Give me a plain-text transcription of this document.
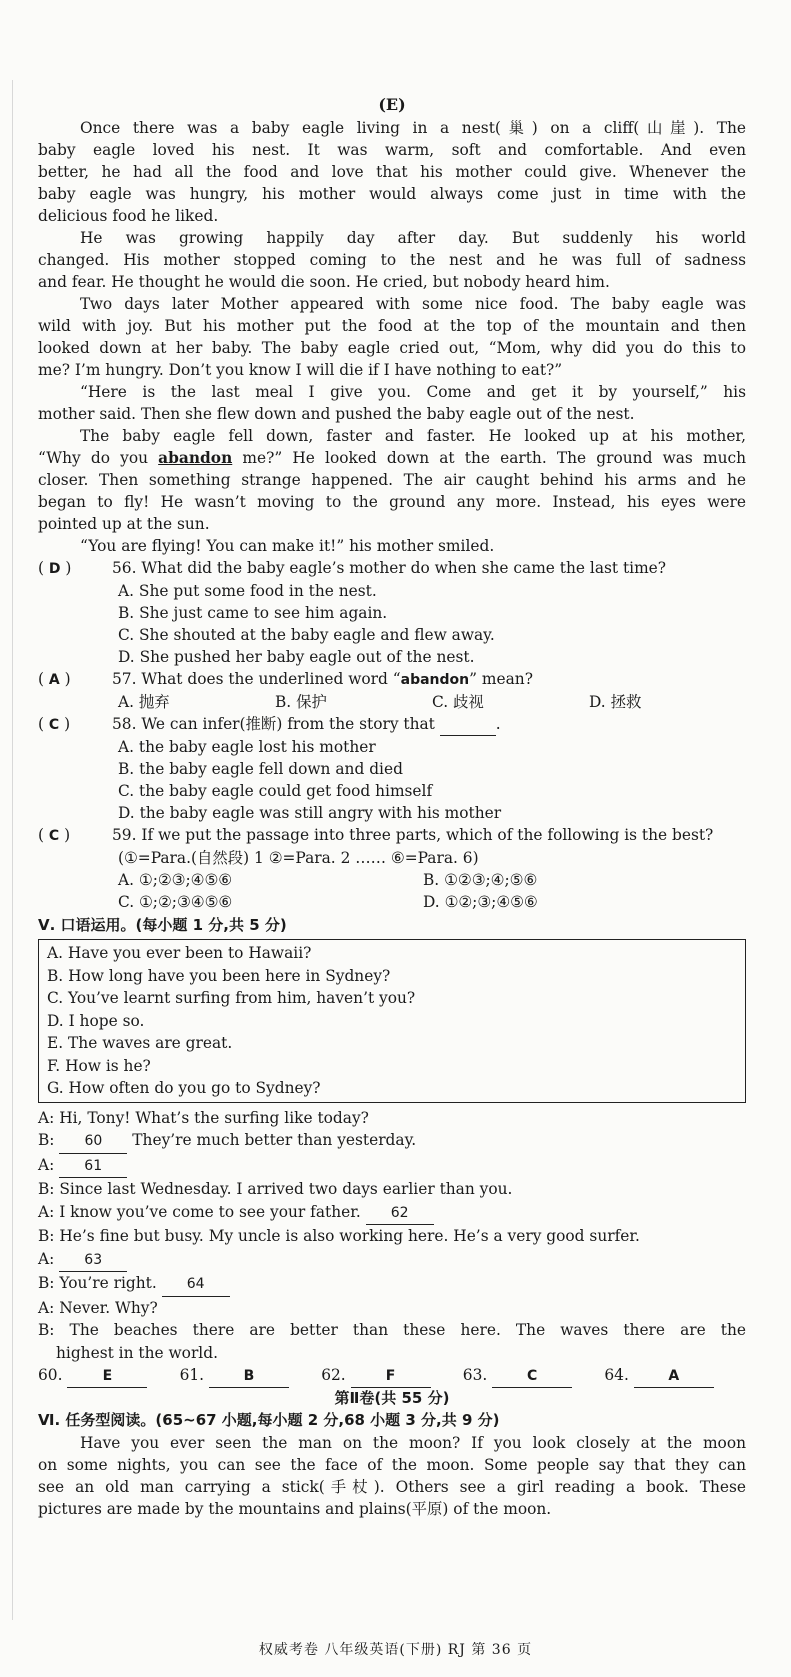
(E)
Once there was a baby eagle living in a nest(巢) on a cliff(山崖). The
baby eagle loved his nest. It was warm, soft and comfortable. And even
better, he had all the food and love that his mother could give. Whenever the
baby eagle was hungry, his mother would always come just in time with the
delicious food he liked.
He was growing happily day after day. But suddenly his world
changed. His mother stopped coming to the nest and he was full of sadness
and fear. He thought he would die soon. He cried, but nobody heard him.
Two days later Mother appeared with some nice food. The baby eagle was
wild with joy. But his mother put the food at the top of the mountain and then
looked down at her baby. The baby eagle cried out, “Mom, why did you do this to
me? I’m hungry. Don’t you know I will die if I have nothing to eat?”
“Here is the last meal I give you. Come and get it by yourself,” his
mother said. Then she flew down and pushed the baby eagle out of the nest.
The baby eagle fell down, faster and faster. He looked up at his mother,
“Why do you abandon me?” He looked down at the earth. The ground was much
closer. Then something strange happened. The air caught behind his arms and he
began to fly! He wasn’t moving to the ground any more. Instead, his eyes were
pointed up at the sun.
“You are flying! You can make it!” his mother smiled.
( D )	56. What did the baby eagle’s mother do when she came the last time?
A. She put some food in the nest.
B. She just came to see him again.
C. She shouted at the baby eagle and flew away.
D. She pushed her baby eagle out of the nest.
( A )	57. What does the underlined word “abandon” mean?
A. 抛弃	B. 保护	C. 歧视	D. 拯救
( C )	58. We can infer(推断) from the story that	.
A. the baby eagle lost his mother
B. the baby eagle fell down and died
C. the baby eagle could get food himself
D. the baby eagle was still angry with his mother
( C )	59. If we put the passage into three parts, which of the following is the best?
(①=Para.(自然段) 1 ②=Para. 2 …… ⑥=Para. 6)
A. ①;②③;④⑤⑥	B. ①②③;④;⑤⑥
C. ①;②;③④⑤⑥	D. ①②;③;④⑤⑥
Ⅴ. 口语运用。(每小题 1 分,共 5 分)
A. Have you ever been to Hawaii?
B. How long have you been here in Sydney?
C. You’ve learnt surfing from him, haven’t you?
D. I hope so.
E. The waves are great.
F. How is he?
G. How often do you go to Sydney?
A: Hi, Tony! What’s the surfing like today?
B: 60 They’re much better than yesterday.
A: 61
B: Since last Wednesday. I arrived two days earlier than you.
A: I know you’ve come to see your father. 62
B: He’s fine but busy. My uncle is also working here. He’s a very good surfer.
A: 63
B: You’re right. 64
A: Never. Why?
B: The beaches there are better than these here. The waves there are the
highest in the world.
60.	E	61.	B	62.	F	63.	C	64.	A
第Ⅱ卷(共 55 分)
Ⅵ. 任务型阅读。(65~67 小题,每小题 2 分,68 小题 3 分,共 9 分)
Have you ever seen the man on the moon? If you look closely at the moon
on some nights, you can see the face of the moon. Some people say that they can
see an old man carrying a stick(手杖). Others see a girl reading a book. These
pictures are made by the mountains and plains(平原) of the moon.
权威考卷 八年级英语(下册) RJ 第 36 页
